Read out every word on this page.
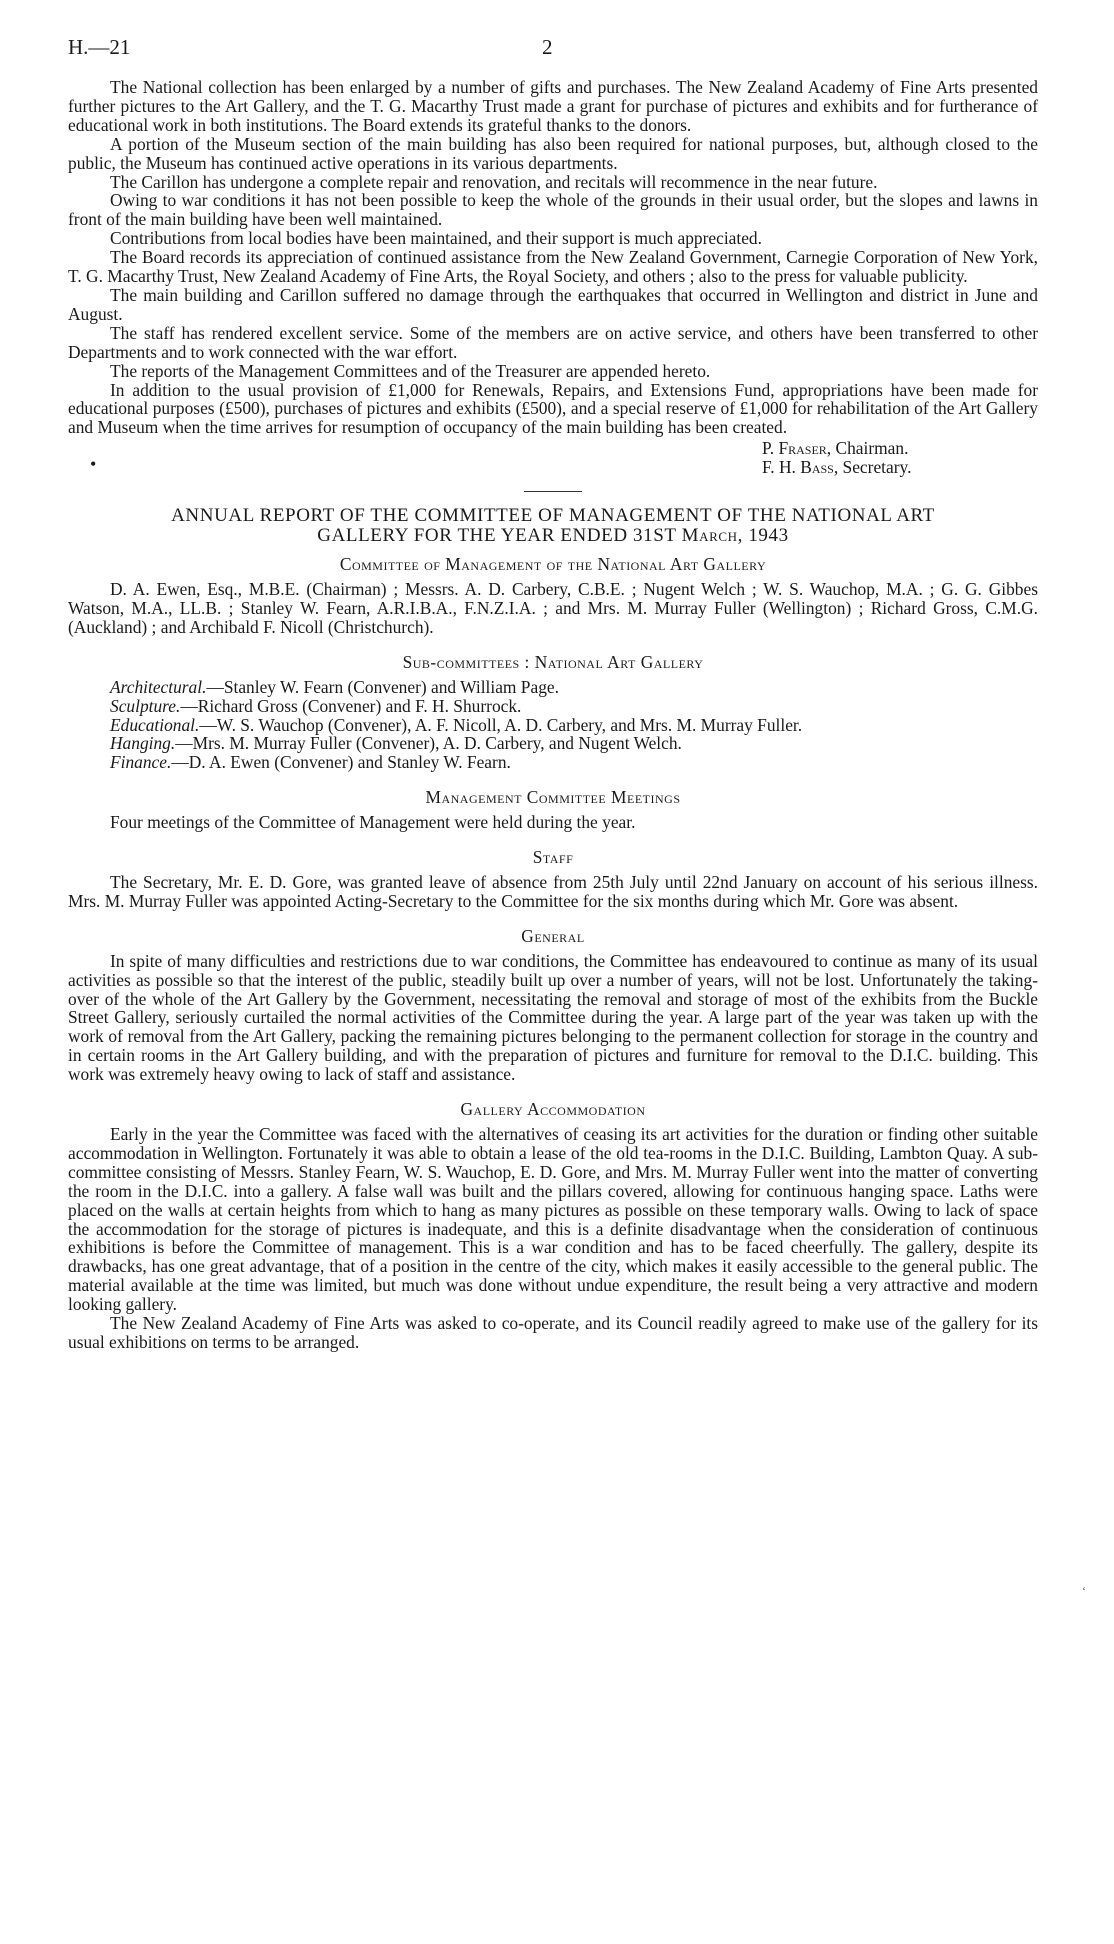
H.—21	2

The National collection has been enlarged by a number of gifts and purchases. The New Zealand Academy of Fine Arts presented further pictures to the Art Gallery, and the T. G. Macarthy Trust made a grant for purchase of pictures and exhibits and for furtherance of educational work in both institutions. The Board extends its grateful thanks to the donors.

A portion of the Museum section of the main building has also been required for national purposes, but, although closed to the public, the Museum has continued active operations in its various departments.

The Carillon has undergone a complete repair and renovation, and recitals will recommence in the near future.

Owing to war conditions it has not been possible to keep the whole of the grounds in their usual order, but the slopes and lawns in front of the main building have been well maintained.

Contributions from local bodies have been maintained, and their support is much appreciated.

The Board records its appreciation of continued assistance from the New Zealand Government, Carnegie Corporation of New York, T. G. Macarthy Trust, New Zealand Academy of Fine Arts, the Royal Society, and others ; also to the press for valuable publicity.

The main building and Carillon suffered no damage through the earthquakes that occurred in Wellington and district in June and August.

The staff has rendered excellent service. Some of the members are on active service, and others have been transferred to other Departments and to work connected with the war effort.

The reports of the Management Committees and of the Treasurer are appended hereto.

In addition to the usual provision of £1,000 for Renewals, Repairs, and Extensions Fund, appropriations have been made for educational purposes (£500), purchases of pictures and exhibits (£500), and a special reserve of £1,000 for rehabilitation of the Art Gallery and Museum when the time arrives for resumption of occupancy of the main building has been created.

•
P. Fraser, Chairman.
F. H. Bass, Secretary.
ANNUAL REPORT OF THE COMMITTEE OF MANAGEMENT OF THE NATIONAL ART
GALLERY FOR THE YEAR ENDED 31ST March, 1943
Committee of Management of the National Art Gallery

D. A. Ewen, Esq., M.B.E. (Chairman) ; Messrs. A. D. Carbery, C.B.E. ; Nugent Welch ; W. S. Wauchop, M.A. ; G. G. Gibbes Watson, M.A., LL.B. ; Stanley W. Fearn, A.R.I.B.A., F.N.Z.I.A. ; and Mrs. M. Murray Fuller (Wellington) ; Richard Gross, C.M.G. (Auckland) ; and Archibald F. Nicoll (Christchurch).

Sub-committees : National Art Gallery
Architectural.—Stanley W. Fearn (Convener) and William Page.
Sculpture.—Richard Gross (Convener) and F. H. Shurrock.
Educational.—W. S. Wauchop (Convener), A. F. Nicoll, A. D. Carbery, and Mrs. M. Murray Fuller.
Hanging.—Mrs. M. Murray Fuller (Convener), A. D. Carbery, and Nugent Welch.
Finance.—D. A. Ewen (Convener) and Stanley W. Fearn.
Management Committee Meetings

Four meetings of the Committee of Management were held during the year.

Staff

The Secretary, Mr. E. D. Gore, was granted leave of absence from 25th July until 22nd January on account of his serious illness. Mrs. M. Murray Fuller was appointed Acting-Secretary to the Committee for the six months during which Mr. Gore was absent.

General

In spite of many difficulties and restrictions due to war conditions, the Committee has endeavoured to continue as many of its usual activities as possible so that the interest of the public, steadily built up over a number of years, will not be lost. Unfortunately the taking-over of the whole of the Art Gallery by the Government, necessitating the removal and storage of most of the exhibits from the Buckle Street Gallery, seriously curtailed the normal activities of the Committee during the year. A large part of the year was taken up with the work of removal from the Art Gallery, packing the remaining pictures belonging to the permanent collection for storage in the country and in certain rooms in the Art Gallery building, and with the preparation of pictures and furniture for removal to the D.I.C. building. This work was extremely heavy owing to lack of staff and assistance.

Gallery Accommodation

Early in the year the Committee was faced with the alternatives of ceasing its art activities for the duration or finding other suitable accommodation in Wellington. Fortunately it was able to obtain a lease of the old tea-rooms in the D.I.C. Building, Lambton Quay. A sub-committee consisting of Messrs. Stanley Fearn, W. S. Wauchop, E. D. Gore, and Mrs. M. Murray Fuller went into the matter of converting the room in the D.I.C. into a gallery. A false wall was built and the pillars covered, allowing for continuous hanging space. Laths were placed on the walls at certain heights from which to hang as many pictures as possible on these temporary walls. Owing to lack of space the accommodation for the storage of pictures is inadequate, and this is a definite disadvantage when the consideration of continuous exhibitions is before the Committee of management. This is a war condition and has to be faced cheerfully. The gallery, despite its drawbacks, has one great advantage, that of a position in the centre of the city, which makes it easily accessible to the general public. The material available at the time was limited, but much was done without undue expenditure, the result being a very attractive and modern looking gallery.

The New Zealand Academy of Fine Arts was asked to co-operate, and its Council readily agreed to make use of the gallery for its usual exhibitions on terms to be arranged.

‘
